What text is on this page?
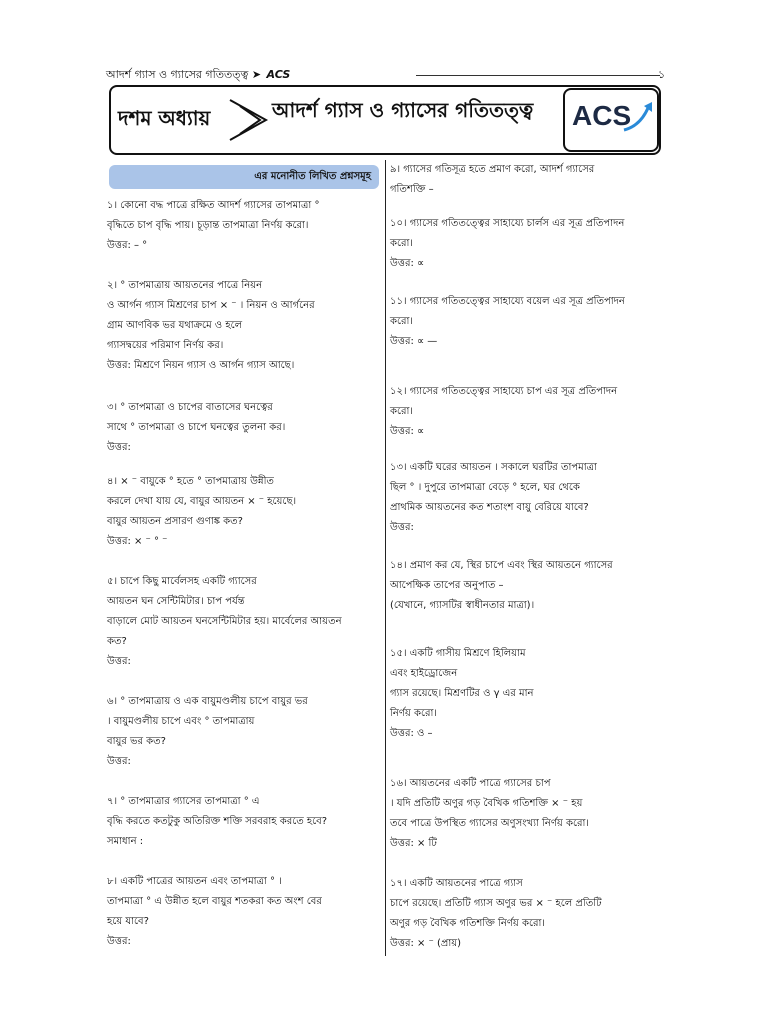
আদর্শ গ্যাস ও গ্যাসের গতিতত্ত্ব ➤ ACS	১
দশম অধ্যায়	আদর্শ গ্যাস ও গ্যাসের গতিতত্ত্ব ACS
এর মনোনীত লিখিত প্রশ্নসমূহ
১। কোনো বদ্ধ পাত্রে রক্ষিত আদর্শ গ্যাসের তাপমাত্রা °
বৃদ্ধিতে চাপ বৃদ্ধি পায়। চূড়ান্ত তাপমাত্রা নির্ণয় করো।
উত্তর: – °
২। ° তাপমাত্রায় আয়তনের পাত্রে নিয়ন
ও আর্গন গ্যাস মিশ্রণের চাপ × ⁻ । নিয়ন ও আর্গনের
গ্রাম আণবিক ভর যথাক্রমে ও হলে
গ্যাসদ্বয়ের পরিমাণ নির্ণয় কর।
উত্তর: মিশ্রণে নিয়ন গ্যাস ও আর্গন গ্যাস আছে।
৩। ° তাপমাত্রা ও চাপের বাতাসের ঘনত্বের
সাথে ° তাপমাত্রা ও চাপে ঘনত্বের তুলনা কর।
উত্তর:
৪। × ⁻ বায়ুকে ° হতে ° তাপমাত্রায় উন্নীত
করলে দেখা যায় যে, বায়ুর আয়তন × ⁻ হয়েছে।
বায়ুর আয়তন প্রসারণ গুণাঙ্ক কত?
উত্তর: × ⁻ ° ⁻
৫। চাপে কিছু মার্বেলসহ একটি গ্যাসের
আয়তন ঘন সেন্টিমিটার। চাপ পর্যন্ত
বাড়ালে মোট আয়তন ঘনসেন্টিমিটার হয়। মার্বেলের আয়তন
কত?
উত্তর:
৬। ° তাপমাত্রায় ও এক বায়ুমণ্ডলীয় চাপে বায়ুর ভর
। বায়ুমণ্ডলীয় চাপে এবং ° তাপমাত্রায়
বায়ুর ভর কত?
উত্তর:
৭। ° তাপমাত্রার গ্যাসের তাপমাত্রা ° এ
বৃদ্ধি করতে কতটুকু অতিরিক্ত শক্তি সরবরাহ করতে হবে?
সমাধান :
৮। একটি পাত্রের আয়তন এবং তাপমাত্রা ° ।
তাপমাত্রা ° এ উন্নীত হলে বায়ুর শতকরা কত অংশ বের
হয়ে যাবে?
উত্তর:
৯। গ্যাসের গতিসূত্র হতে প্রমাণ করো, আদর্শ গ্যাসের
গতিশক্তি –
১০। গ্যাসের গতিতত্ত্বের সাহায্যে চার্লস এর সূত্র প্রতিপাদন
করো।
উত্তর: ∝
১১। গ্যাসের গতিতত্ত্বের সাহায্যে বয়েল এর সূত্র প্রতিপাদন
করো।
উত্তর: ∝ —
১২। গ্যাসের গতিতত্ত্বের সাহায্যে চাপ এর সূত্র প্রতিপাদন
করো।
উত্তর: ∝
১৩। একটি ঘরের আয়তন । সকালে ঘরটির তাপমাত্রা
ছিল ° । দুপুরে তাপমাত্রা বেড়ে ° হলে, ঘর থেকে
প্রাথমিক আয়তনের কত শতাংশ বায়ু বেরিয়ে যাবে?
উত্তর:
১৪। প্রমাণ কর যে, স্থির চাপে এবং স্থির আয়তনে গ্যাসের
আপেক্ষিক তাপের অনুপাত –
(যেখানে, গ্যাসটির স্বাধীনতার মাত্রা)।
১৫। একটি গাসীয় মিশ্রণে হিলিয়াম
এবং হাইড্রোজেন
গ্যাস রয়েছে। মিশ্রণটির ও γ এর মান
নির্ণয় করো।
উত্তর: ও –
১৬। আয়তনের একটি পাত্রে গ্যাসের চাপ
। যদি প্রতিটি অণুর গড় বৈখিক গতিশক্তি × ⁻ হয়
তবে পাত্রে উপস্থিত গ্যাসের অণুসংখ্যা নির্ণয় করো।
উত্তর: × টি
১৭। একটি আয়তনের পাত্রে গ্যাস
চাপে রয়েছে। প্রতিটি গ্যাস অণুর ভর × ⁻ হলে প্রতিটি
অণুর গড় বৈখিক গতিশক্তি নির্ণয় করো।
উত্তর: × ⁻ (প্রায়)
